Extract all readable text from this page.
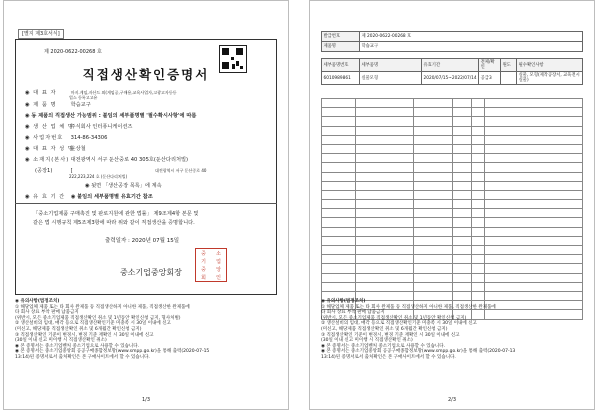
[별지 제3호서식]
제 2020-0622-00268 호
직접생산확인증명서
◉ 대 표 자	마지.게임,자산드 외(게임공,구매용,교육사업자,고광고자등등
업스 등록고고유
◉ 제 품 명	학습교구
◉ 동 제품의 직접생산 가능범위 : 불임의 세부품명별 '필수확시사항'에 따름
◉ 생 산 업 체 명 주식회사 인터퓨니케이션즈
◉ 사업자번호 314-86-34306
◉ 대 표 자 성 명 윤상철
◉ 소재지(본사) 대전광역시 서구 둔산중로 40 305호(둔산다리처빌)
(공장1)	[	대전광역시 서구 둔산중로 40
222,223,224 호 (둔산다리처빌)
◉ 뒷면 「생산공장 목록」에 계속
◉ 유 효 기 간 ◉ 붙임의 세부품명별 유효기간 참조
「중소기업제품 구매촉진 및 판로지원에 관한 법률」 제9조제4항 본문 및
같은 법 시행규칙 제5조제3항에 따라 위와 같이 직접생산을 증명합니다.
출력일자 : 2020년 07월 15일
중소기업중앙회장
중 소
기 업
중 앙
회 인
◉ 유의사항(법정조치)
① 해당업체 제품 또는 타 회사 완제품 등 직접생산하지 아니한 제품, 직접생산한 완제품에
타 회사 상표 부착 판매 납품금지
(위반시, 모든 중소기업제품 직접생산확인 취소 및 1년동안 확인신청 금지, 형사처벌)
② 생산설비의 임대, 매각 등으로 직접생산확인기준 미충족 시 30일 이내에 신고
(미신고, 해당제품 직접생산확인 취소 및 6개월간 확인신청 금지)
③ 직접생산확인 기준이 변경시, 변경 기준 재확인 시 30일 이내에 신고
(30일 이내 신고 미이행 시 직접생산확인 취소)
◉ 본 증명서는 중소기업벤처 중소기업으로 사용할 수 있습니다.
◉ 본 증명서는 중소기업중앙회 공공구매종합정보망(www.smpp.go.kr)을 통해 출력(2020-07-15
13:14)된 증명서로서 출처확인은 본 구매사이트에서 할 수 있습니다.
1/3
발급번호	제 2020-0622-00268 호				
제품명	학습교구				

세부품명번호	세부품명	유효기간	전체/확인	원도	필수확인사항
6010989861	실물모형	2020/07/15~2022/07/14	공급3		실물, 모형(제작공장서, 교육전시실물)

◉ 유의사항(법정조치)
① 해당업체 제품 또는 타 회사 완제품 등 직접생산하지 아니한 제품, 직접생산한 완제품에
타 회사 상표 부착 판매 납품금지
(위반시, 모든 중소기업제품 직접생산확인 취소 및 1년동안 확인신청 금지)
② 생산설비의 임대, 매각 등으로 직접생산확인기준 미충족 시 30일 이내에 신고
(미신고, 해당제품 직접생산확인 취소 및 6개월간 확인신청 금지)
③ 직접생산확인 기준이 변경시, 변경 기준 재확인 시 30일 이내에 신고
(30일 이내 신고 미이행 시 직접생산확인 취소)
◉ 본 증명서는 중소기업벤처 중소기업으로 사용할 수 있습니다.
◉ 본 증명서는 중소기업중앙회 공공구매종합정보망(www.smpp.go.kr)을 통해 출력(2020-07-13
13:14)된 증명서로서 출처확인은 본 구매사이트에서 할 수 있습니다.
2/3
